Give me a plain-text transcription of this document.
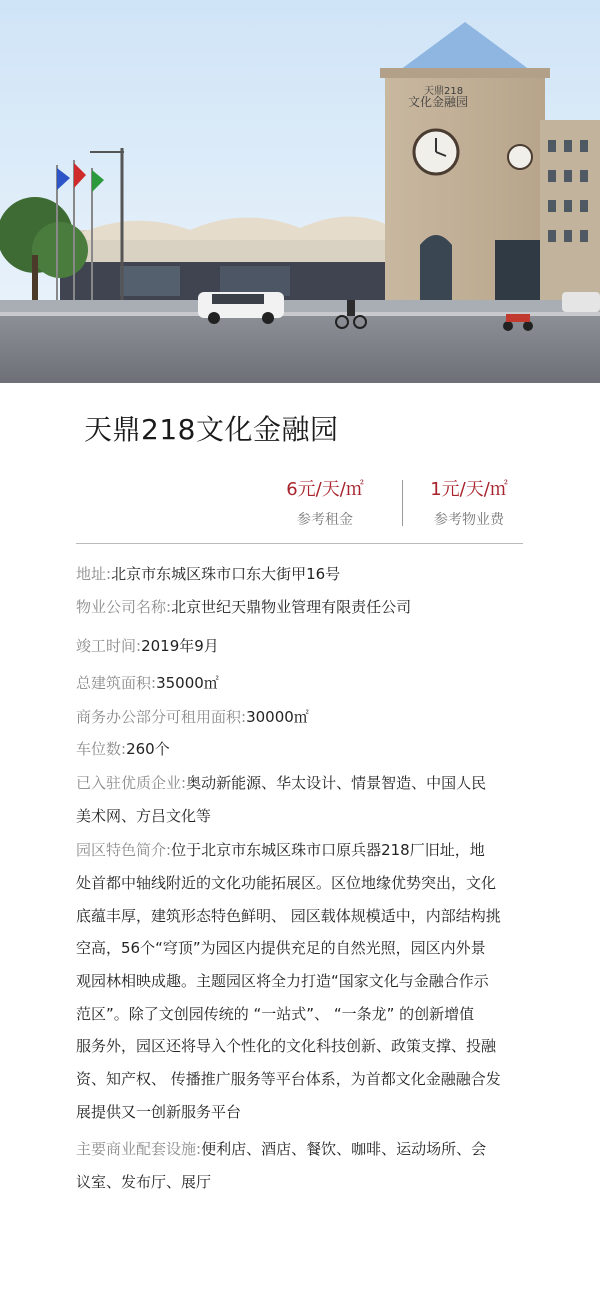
天鼎218
文化金融园
天鼎218文化金融园
6元/天/㎡
参考租金
1元/天/㎡
参考物业费
地址:北京市东城区珠市口东大街甲16号
物业公司名称:北京世纪天鼎物业管理有限责任公司
竣工时间:2019年9月
总建筑面积:35000㎡
商务办公部分可租用面积:30000㎡
车位数:260个
已入驻优质企业:奥动新能源、华太设计、情景智造、中国人民
美术网、方吕文化等
园区特色简介:位于北京市东城区珠市口原兵器218厂旧址，地
处首都中轴线附近的文化功能拓展区。区位地缘优势突出，文化
底蕴丰厚，建筑形态特色鲜明、 园区载体规模适中，内部结构挑
空高，56个“穹顶”为园区内提供充足的自然光照，园区内外景
观园林相映成趣。主题园区将全力打造“国家文化与金融合作示
范区”。除了文创园传统的 “一站式”、 “一条龙” 的创新增值
服务外，园区还将导入个性化的文化科技创新、政策支撑、投融
资、知产权、 传播推广服务等平台体系，为首都文化金融融合发
展提供又一创新服务平台
主要商业配套设施:便利店、酒店、餐饮、咖啡、运动场所、会
议室、发布厅、展厅
